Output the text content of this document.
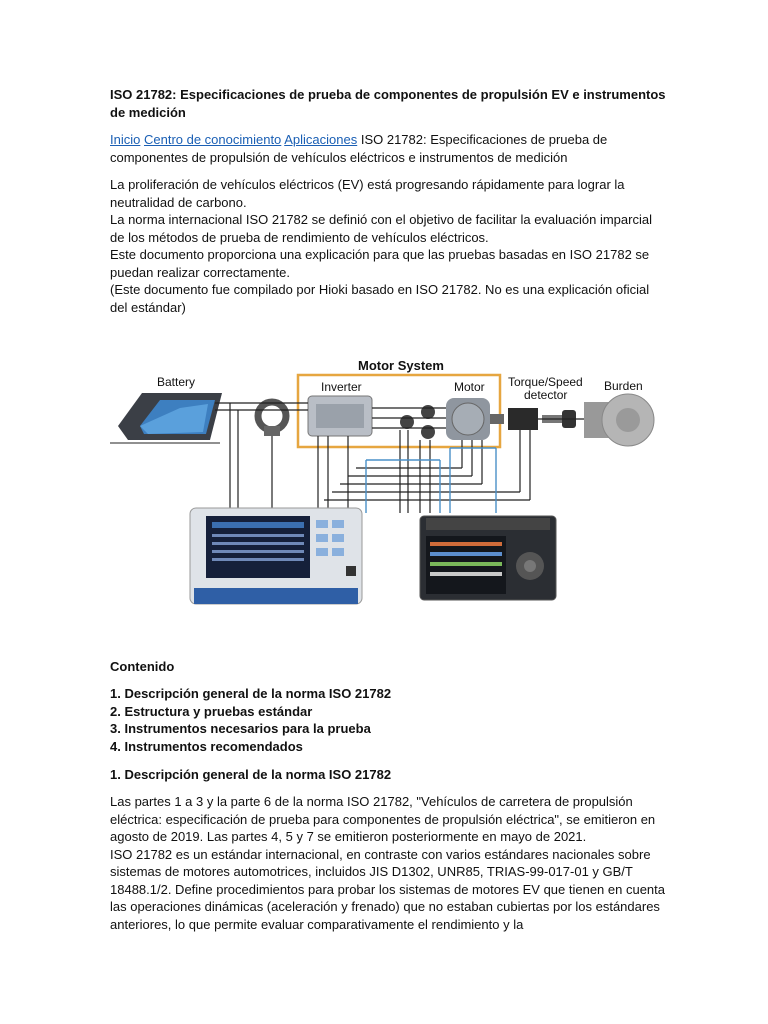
ISO 21782: Especificaciones de prueba de componentes de propulsión EV e instrumentos de medición

Inicio Centro de conocimiento Aplicaciones ISO 21782: Especificaciones de prueba de componentes de propulsión de vehículos eléctricos e instrumentos de medición

La proliferación de vehículos eléctricos (EV) está progresando rápidamente para lograr la neutralidad de carbono.

La norma internacional ISO 21782 se definió con el objetivo de facilitar la evaluación imparcial de los métodos de prueba de rendimiento de vehículos eléctricos.

Este documento proporciona una explicación para que las pruebas basadas en ISO 21782 se puedan realizar correctamente.

(Este documento fue compilado por Hioki basado en ISO 21782. No es una explicación oficial del estándar)

Motor System
Battery	Inverter	Motor Torque/Speed
detector
Burden

Contenido

1. Descripción general de la norma ISO 21782
2. Estructura y pruebas estándar
3. Instrumentos necesarios para la prueba
4. Instrumentos recomendados

1. Descripción general de la norma ISO 21782

Las partes 1 a 3 y la parte 6 de la norma ISO 21782, "Vehículos de carretera de propulsión eléctrica: especificación de prueba para componentes de propulsión eléctrica", se emitieron en agosto de 2019. Las partes 4, 5 y 7 se emitieron posteriormente en mayo de 2021.

ISO 21782 es un estándar internacional, en contraste con varios estándares nacionales sobre sistemas de motores automotrices, incluidos JIS D1302, UNR85, TRIAS-99-017-01 y GB/T 18488.1/2. Define procedimientos para probar los sistemas de motores EV que tienen en cuenta las operaciones dinámicas (aceleración y frenado) que no estaban cubiertas por los estándares anteriores, lo que permite evaluar comparativamente el rendimiento y la
